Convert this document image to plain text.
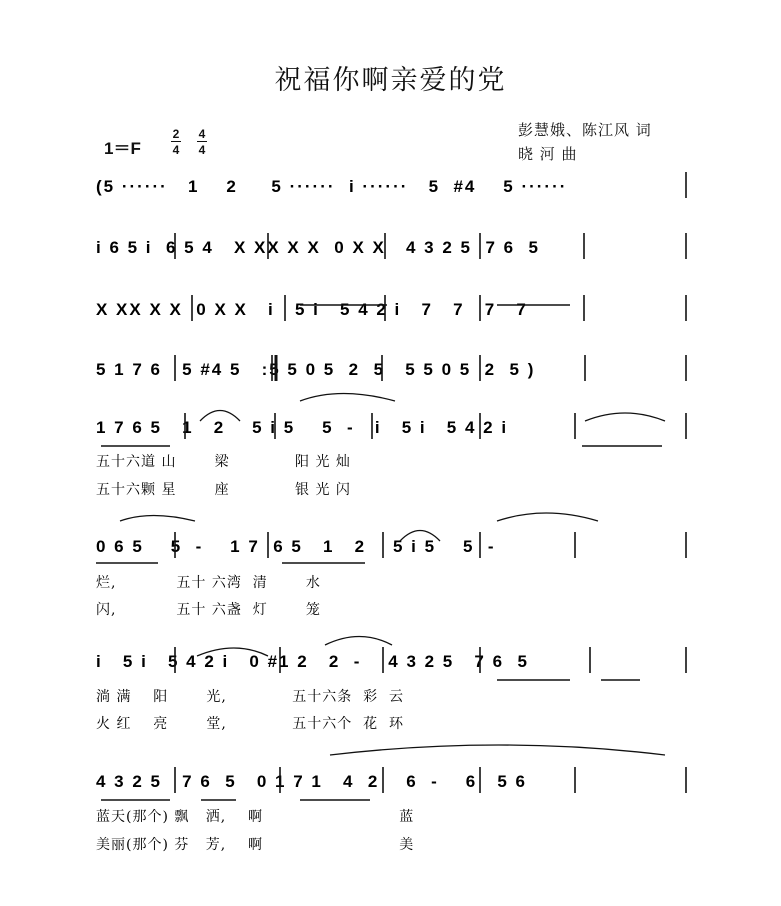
祝福你啊亲爱的党
彭慧娥、陈江风 词
晓 河 曲
1＝F
2
4
4
4
(5 ······   1    2     5 ······  i ······   5  #4    5 ······
i 6 5 i  6 5 4   X XX X X  0 X X   4 3 2 5  7 6  5
X XX X X  0 X X   i   5 i   5 4 2 i   7   7   7   7
5 1 7 6   5 #4 5   :5 5 0 5  2  5   5 5 0 5  2  5 )
1 7 6 5   1   2    5 i 5    5  -   i   5 i   5 4 2 i
五十六道 山       梁            阳 光 灿
五十六颗 星       座            银 光 闪
0 6 5    5  -    1 7  6 5   1   2    5 i 5    5  -
烂,           五十 六湾  清       水
闪,           五十 六盏  灯       笼
i   5 i   5 4 2 i   0 #1 2   2  -    4 3 2 5   7 6  5
淌 满    阳       光,            五十六条  彩  云
火 红    亮       堂,            五十六个  花  环
4 3 2 5   7 6  5   0 1 7 1   4  2    6  -    6   5 6
蓝天(那个) 飘   洒,    啊                         蓝
美丽(那个) 芬   芳,    啊                         美
